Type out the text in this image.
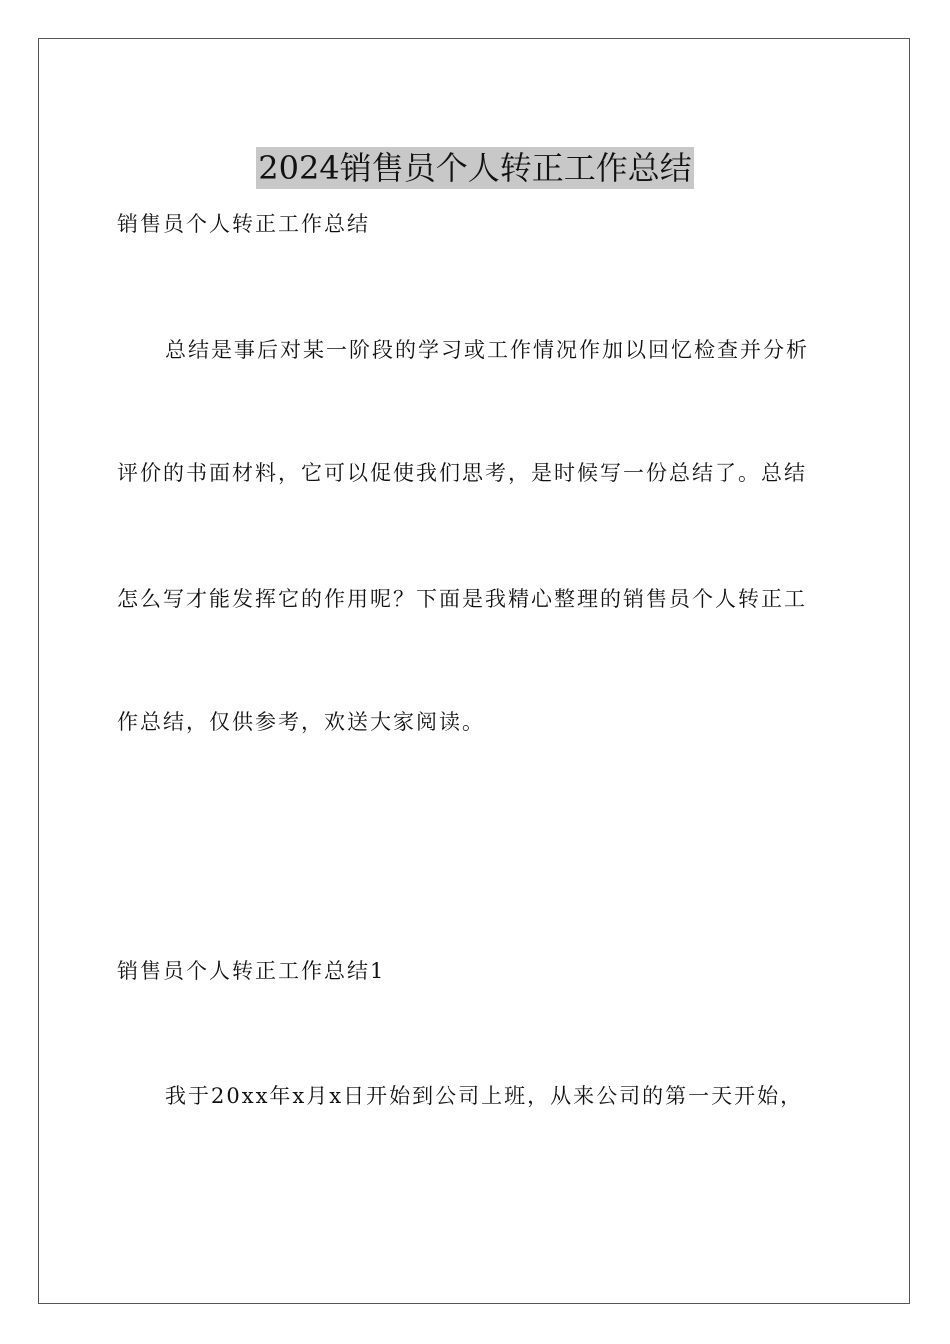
2024销售员个人转正工作总结
销售员个人转正工作总结
总结是事后对某一阶段的学习或工作情况作加以回忆检查并分析
评价的书面材料，它可以促使我们思考，是时候写一份总结了。总结
怎么写才能发挥它的作用呢？下面是我精心整理的销售员个人转正工
作总结，仅供参考，欢送大家阅读。
销售员个人转正工作总结1
我于20xx年x月x日开始到公司上班，从来公司的第一天开始，
